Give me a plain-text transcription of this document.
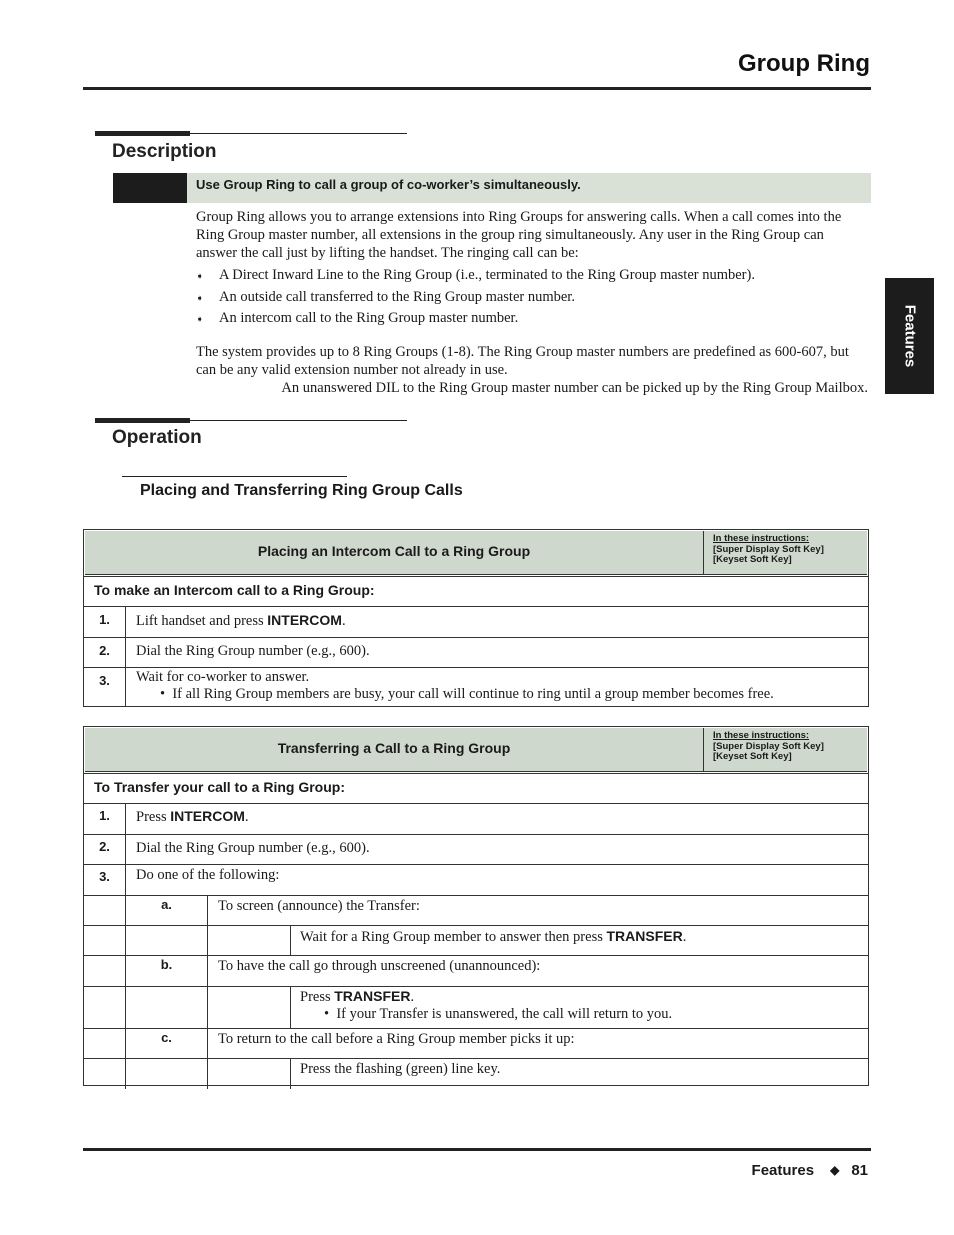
Group Ring
Features
Description
Use Group Ring to call a group of co-worker’s simultaneously.
Group Ring allows you to arrange extensions into Ring Groups for answering calls. When a call comes into the Ring Group master number, all extensions in the group ring simultaneously. Any user in the Ring Group can answer the call just by lifting the handset. The ringing call can be:
➧ A Direct Inward Line to the Ring Group (i.e., terminated to the Ring Group master number).
➧ An outside call transferred to the Ring Group master number.
➧ An intercom call to the Ring Group master number.
The system provides up to 8 Ring Groups (1-8). The Ring Group master numbers are predefined as 600-607, but can be any valid extension number not already in use.
An unanswered DIL to the Ring Group master number can be picked up by the Ring Group Mailbox.
Operation
Placing and Transferring Ring Group Calls
Placing an Intercom Call to a Ring Group
In these instructions:
[Super Display Soft Key]
[Keyset Soft Key]
To make an Intercom call to a Ring Group:
1.	Lift handset and press INTERCOM.
2.	Dial the Ring Group number (e.g., 600).
3.	Wait for co-worker to answer.
•  If all Ring Group members are busy, your call will continue to ring until a group member becomes free.
Transferring a Call to a Ring Group
In these instructions:
[Super Display Soft Key]
[Keyset Soft Key]
To Transfer your call to a Ring Group:
1.	Press INTERCOM.
2.	Dial the Ring Group number (e.g., 600).
3.	Do one of the following:
a.	To screen (announce) the Transfer:
Wait for a Ring Group member to answer then press TRANSFER.
b.	To have the call go through unscreened (unannounced):
Press TRANSFER.
•  If your Transfer is unanswered, the call will return to you.
c.	To return to the call before a Ring Group member picks it up:
Press the flashing (green) line key.
Features ◆ 81
